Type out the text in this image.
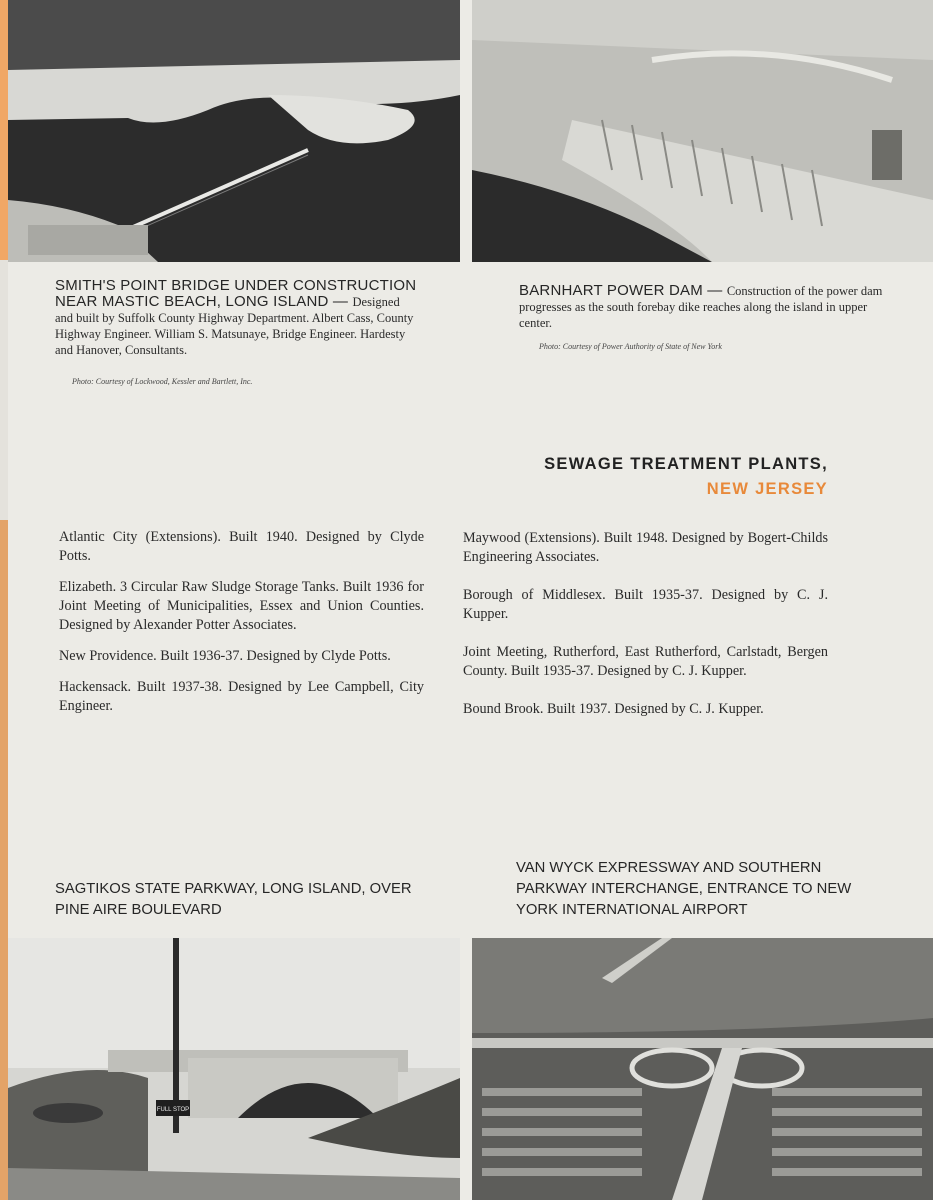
SMITH'S POINT BRIDGE UNDER CONSTRUCTION NEAR MASTIC BEACH, LONG ISLAND — Designed and built by Suffolk County Highway Department. Albert Cass, County Highway Engineer. William S. Matsunaye, Bridge Engineer. Hardesty and Hanover, Consultants.
Photo: Courtesy of Lockwood, Kessler and Bartlett, Inc.
BARNHART POWER DAM — Construction of the power dam progresses as the south forebay dike reaches along the island in upper center.
Photo: Courtesy of Power Authority of State of New York
SEWAGE TREATMENT PLANTS,
NEW JERSEY

Atlantic City (Extensions). Built 1940. Designed by Clyde Potts.

Elizabeth. 3 Circular Raw Sludge Storage Tanks. Built 1936 for Joint Meeting of Municipalities, Essex and Union Counties. Designed by Alexander Potter Associates.

New Providence. Built 1936-37. Designed by Clyde Potts.

Hackensack. Built 1937-38. Designed by Lee Campbell, City Engineer.

Maywood (Extensions). Built 1948. Designed by Bogert-Childs Engineering Associates.

Borough of Middlesex. Built 1935-37. Designed by C. J. Kupper.

Joint Meeting, Rutherford, East Rutherford, Carlstadt, Bergen County. Built 1935-37. Designed by C. J. Kupper.

Bound Brook. Built 1937. Designed by C. J. Kupper.

SAGTIKOS STATE PARKWAY, LONG ISLAND, OVER PINE AIRE BOULEVARD
VAN WYCK EXPRESSWAY AND SOUTHERN PARKWAY INTERCHANGE, ENTRANCE TO NEW YORK INTERNATIONAL AIRPORT
FULL STOP
